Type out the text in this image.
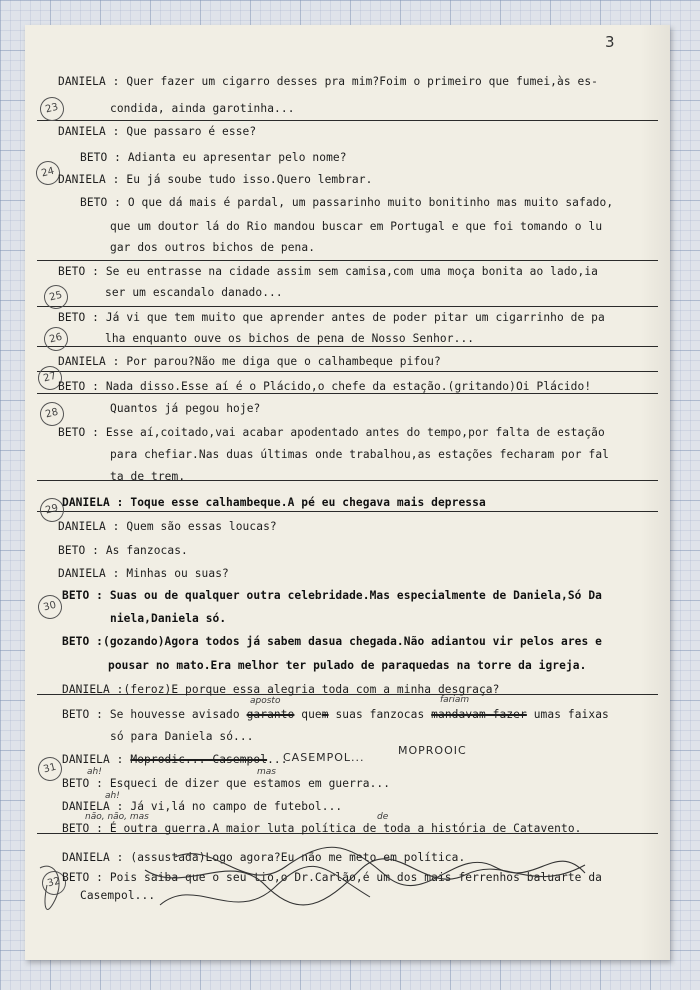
3
23
24
25
26
27
28
29
30
31
32
DANIELA : Quer fazer um cigarro desses pra mim?Foim o primeiro que fumei,às es-
condida, ainda garotinha...
DANIELA : Que passaro é esse?
BETO : Adianta eu apresentar pelo nome?
DANIELA : Eu já soube tudo isso.Quero lembrar.
BETO : O que dá mais é pardal, um passarinho muito bonitinho mas muito safado,
que um doutor lá do Rio mandou buscar em Portugal e que foi tomando o lu
gar dos outros bichos de pena.
BETO : Se eu entrasse na cidade assim sem camisa,com uma moça bonita ao lado,ia
ser um escandalo danado...
BETO : Já vi que tem muito que aprender antes de poder pitar um cigarrinho de pa
lha enquanto ouve os bichos de pena de Nosso Senhor...
DANIELA : Por parou?Não me diga que o calhambeque pifou?
BETO : Nada disso.Esse aí é o Plácido,o chefe da estação.(gritando)Oi Plácido!
Quantos já pegou hoje?
BETO : Esse aí,coitado,vai acabar apodentado antes do tempo,por falta de estação
para chefiar.Nas duas últimas onde trabalhou,as estações fecharam por fal
ta de trem.
DANIELA : Toque esse calhambeque.A pé eu chegava mais depressa
DANIELA : Quem são essas loucas?
BETO : As fanzocas.
DANIELA : Minhas ou suas?
BETO : Suas ou de qualquer outra celebridade.Mas especialmente de Daniela,Só Da
niela,Daniela só.
BETO :(gozando)Agora todos já sabem dasua chegada.Não adiantou vir pelos ares e
pousar no mato.Era melhor ter pulado de paraquedas na torre da igreja.
DANIELA :(feroz)E porque essa alegria toda com a minha desgraça?
BETO : Se houvesse avisado garanto quem suas fanzocas mandavam fazer umas faixas
aposto	fariam
só para Daniela só...
DANIELA : Moprodic... Casempol...
CASEMPOL...
MOPROOIC
ah!
BETO : Esqueci de dizer que estamos em guerra...
mas
ah!
DANIELA : Já vi,lá no campo de futebol...
não, não, mas
BETO : É outra guerra.A maior luta política de toda a história de Catavento.
de
DANIELA : (assustada)Logo agora?Eu não me meto em política.
BETO : Pois saiba que o seu tio,o Dr.Carlão,é um dos mais ferrenhos baluarte da
Casempol...
